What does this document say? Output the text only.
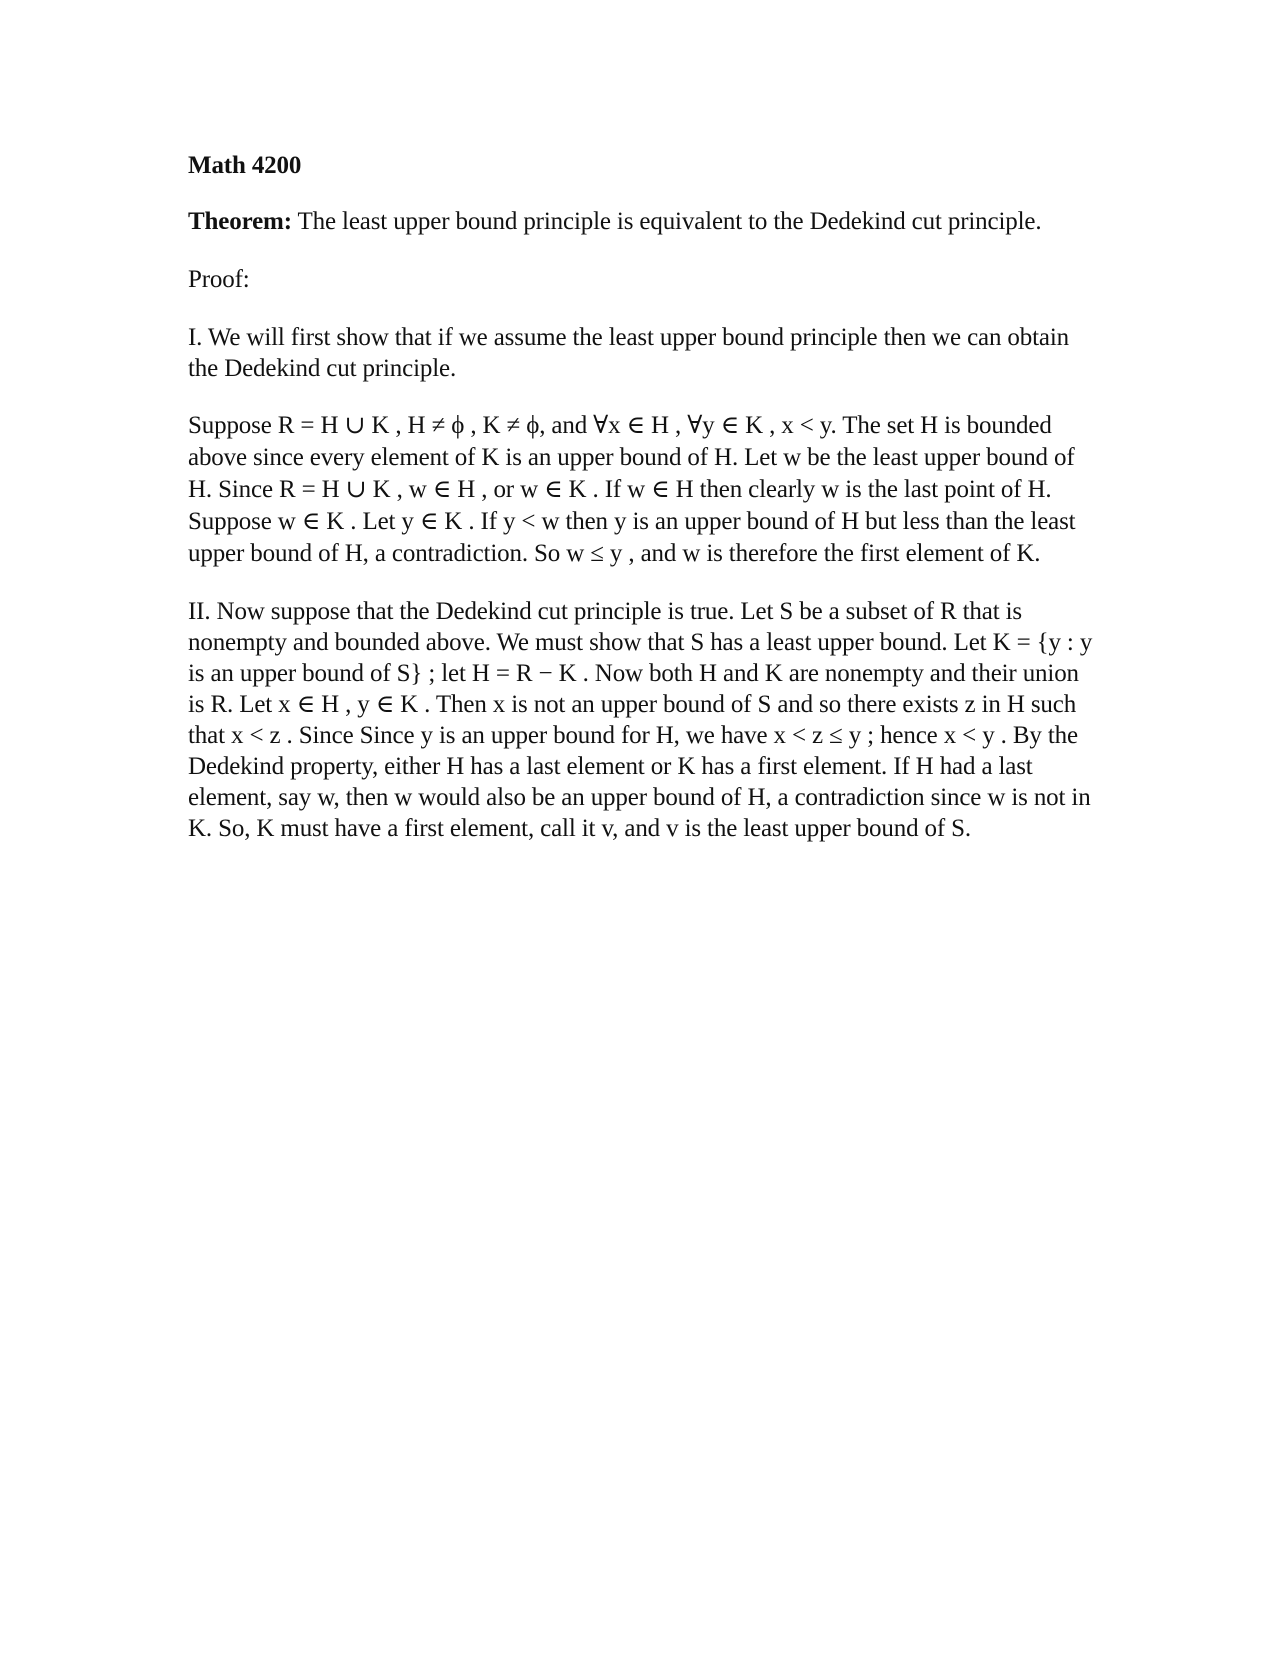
Math 4200

Theorem: The least upper bound principle is equivalent to the Dedekind cut principle.

Proof:

I. We will first show that if we assume the least upper bound principle then we can obtain the Dedekind cut principle.

Suppose R = H ∪ K , H ≠ ϕ , K ≠ ϕ, and ∀x ∈ H , ∀y ∈ K , x < y. The set H is bounded above since every element of K is an upper bound of H. Let w be the least upper bound of H. Since R = H ∪ K , w ∈ H , or w ∈ K . If w ∈ H then clearly w is the last point of H. Suppose w ∈ K . Let y ∈ K . If y < w then y is an upper bound of H but less than the least upper bound of H, a contradiction. So w ≤ y , and w is therefore the first element of K.

II. Now suppose that the Dedekind cut principle is true. Let S be a subset of R that is nonempty and bounded above. We must show that S has a least upper bound. Let K = {y : y is an upper bound of S} ; let H = R − K . Now both H and K are nonempty and their union is R. Let x ∈ H , y ∈ K . Then x is not an upper bound of S and so there exists z in H such that x < z . Since Since y is an upper bound for H, we have x < z ≤ y ; hence x < y . By the Dedekind property, either H has a last element or K has a first element. If H had a last element, say w, then w would also be an upper bound of H, a contradiction since w is not in K. So, K must have a first element, call it v, and v is the least upper bound of S.
